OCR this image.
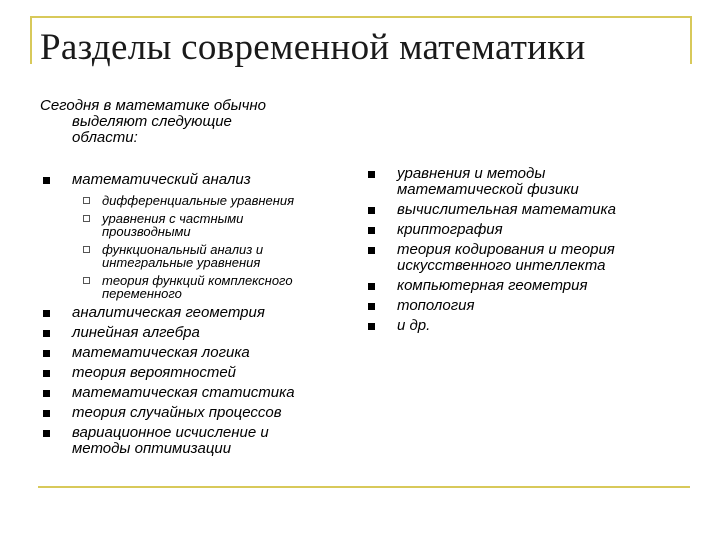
Разделы современной математики
Сегодня в математике обычно
выделяют следующие
области:
математический анализ
дифференциальные уравнения
уравнения с частными
производными
функциональный анализ и
интегральные уравнения
теория функций комплексного
переменного
аналитическая геометрия
линейная алгебра
математическая логика
теория вероятностей
математическая статистика
теория случайных процессов
вариационное исчисление и
методы оптимизации
уравнения и методы
математической физики
вычислительная математика
криптография
теория кодирования и теория
искусственного интеллекта
компьютерная геометрия
топология
и др.
